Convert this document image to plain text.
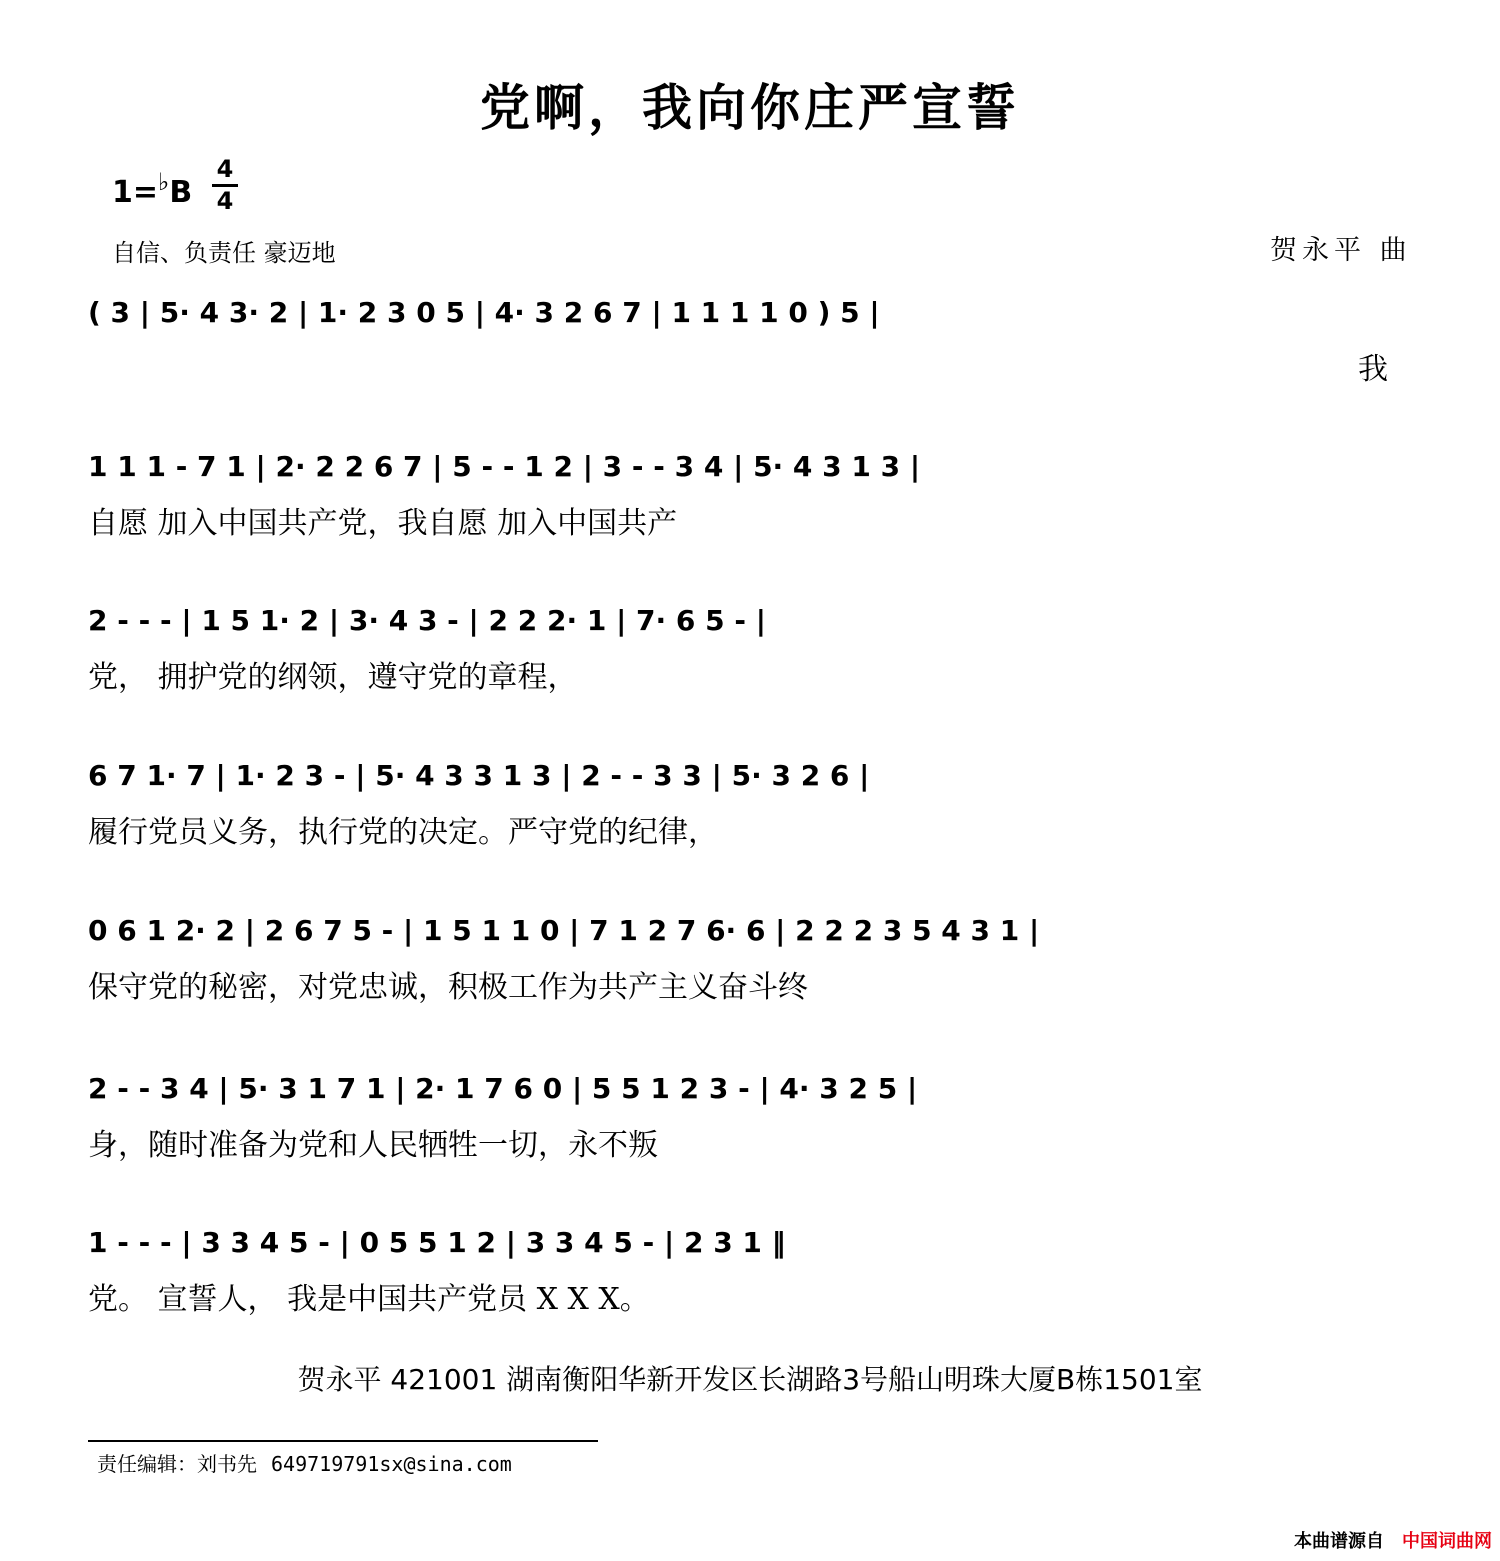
党啊，我向你庄严宣誓
1=♭B
4
4
自信、负责任 豪迈地	贺永平 曲
( 3 | 5· 4 3· 2 | 1· 2 3 0 5 | 4· 3 2 6 7 | 1 1 1 1 0 ) 5 |
我
1 1 1 - 7 1 | 2· 2 2 6 7 | 5 - - 1 2 | 3 - - 3 4 | 5· 4 3 1 3 |
自愿 加入中国共产党，我自愿 加入中国共产
2 - - - | 1 5 1· 2 | 3· 4 3 - | 2 2 2· 1 | 7· 6 5 - |
党， 拥护党的纲领，遵守党的章程，
6 7 1· 7 | 1· 2 3 - | 5· 4 3 3 1 3 | 2 - - 3 3 | 5· 3 2 6 |
履行党员义务，执行党的决定。严守党的纪律，
0 6 1 2· 2 | 2 6 7 5 - | 1 5 1 1 0 | 7 1 2 7 6· 6 | 2 2 2 3 5 4 3 1 |
保守党的秘密，对党忠诚，积极工作为共产主义奋斗终
2 - - 3 4 | 5· 3 1 7 1 | 2· 1 7 6 0 | 5 5 1 2 3 - | 4· 3 2 5 |
身，随时准备为党和人民牺牲一切，永不叛
1 - - - | 3 3 4 5 - | 0 5 5 1 2 | 3 3 4 5 - | 2 3 1 ‖
党。 宣誓人， 我是中国共产党员 X X X。
贺永平 421001 湖南衡阳华新开发区长湖路3号船山明珠大厦B栋1501室
责任编辑：刘书先 649719791sx@sina.com
本曲谱源自 中国词曲网
